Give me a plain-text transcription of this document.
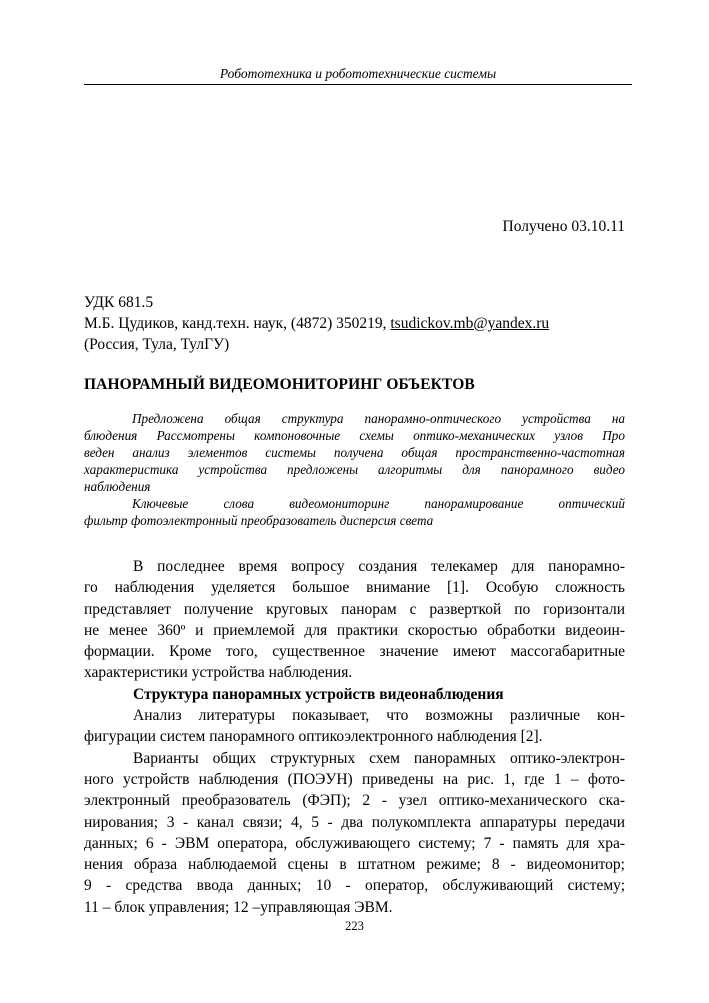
Робототехника и робототехнические системы
Получено 03.10.11
УДК 681.5
М.Б. Цудиков, канд.техн. наук, (4872) 350219, tsudickov.mb@yandex.ru
(Россия, Тула, ТулГУ)
ПАНОРАМНЫЙ ВИДЕОМОНИТОРИНГ ОБЪЕКТОВ
Предложена общая структура панорамно-оптического устройства на
блюдения Рассмотрены компоновочные схемы оптико-механических узлов Про
веден анализ элементов системы получена общая пространственно-частотная
характеристика устройства предложены алгоритмы для панорамного видео
наблюдения
Ключевые слова видеомониторинг панорамирование оптический
фильтр фотоэлектронный преобразователь дисперсия света
В последнее время вопросу создания телекамер для панорамно-
го наблюдения уделяется большое внимание [1]. Особую сложность
представляет получение круговых панорам с разверткой по горизонтали
не менее 360º и приемлемой для практики скоростью обработки видеоин-
формации. Кроме того, существенное значение имеют массогабаритные
характеристики устройства наблюдения.
Структура панорамных устройств видеонаблюдения
Анализ литературы показывает, что возможны различные кон-
фигурации систем панорамного оптикоэлектронного наблюдения [2].
Варианты общих структурных схем панорамных оптико-электрон-
ного устройств наблюдения (ПОЭУН) приведены на рис. 1, где 1 – фото-
электронный преобразователь (ФЭП); 2 - узел оптико-механического ска-
нирования; 3 - канал связи; 4, 5 - два полукомплекта аппаратуры передачи
данных; 6 - ЭВМ оператора, обслуживающего систему; 7 - память для хра-
нения образа наблюдаемой сцены в штатном режиме; 8 - видеомонитор;
9 - средства ввода данных; 10 - оператор, обслуживающий систему;
11 – блок управления; 12 –управляющая ЭВМ.
223
